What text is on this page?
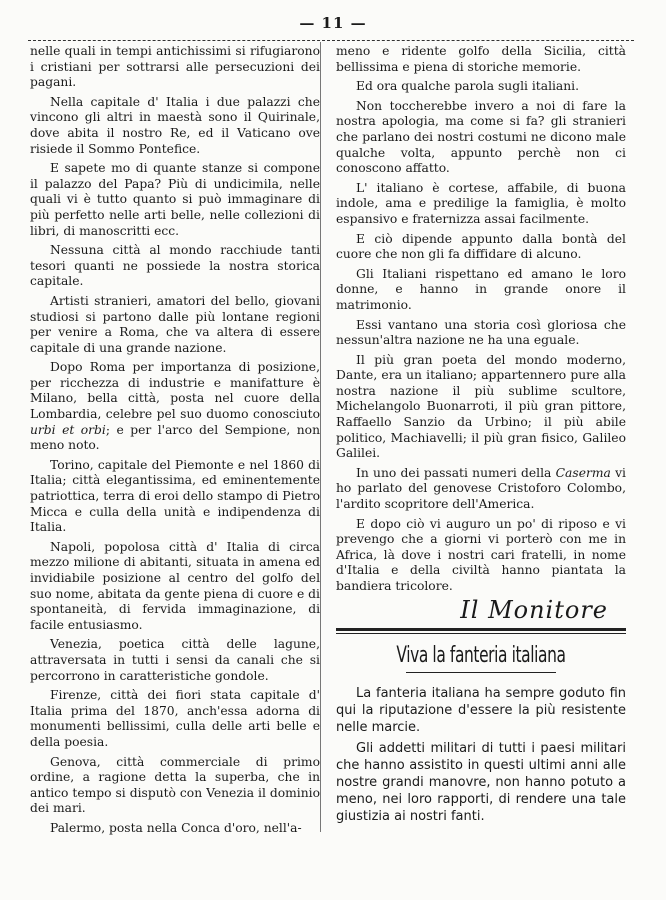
— 11 —

nelle quali in tempi antichissimi si rifugiarono i cristiani per sottrarsi alle persecuzioni dei pagani.

Nella capitale d' Italia i due palazzi che vincono gli altri in maestà sono il Quirinale, dove abita il nostro Re, ed il Vaticano ove risiede il Sommo Pontefice.

E sapete mo di quante stanze si compone il palazzo del Papa? Più di undicimila, nelle quali vi è tutto quanto si può immaginare di più perfetto nelle arti belle, nelle collezioni di libri, di manoscritti ecc.

Nessuna città al mondo racchiude tanti tesori quanti ne possiede la nostra storica capitale.

Artisti stranieri, amatori del bello, giovani studiosi si partono dalle più lontane regioni per venire a Roma, che va altera di essere capitale di una grande nazione.

Dopo Roma per importanza di posizione, per ricchezza di industrie e manifatture è Milano, bella città, posta nel cuore della Lombardia, celebre pel suo duomo conosciuto urbi et orbi; e per l'arco del Sempione, non meno noto.

Torino, capitale del Piemonte e nel 1860 di Italia; città elegantissima, ed eminentemente patriottica, terra di eroi dello stampo di Pietro Micca e culla della unità e indipendenza di Italia.

Napoli, popolosa città d' Italia di circa mezzo milione di abitanti, situata in amena ed invidiabile posizione al centro del golfo del suo nome, abitata da gente piena di cuore e di spontaneità, di fervida immaginazione, di facile entusiasmo.

Venezia, poetica città delle lagune, attraversata in tutti i sensi da canali che si percorrono in caratteristiche gondole.

Firenze, città dei fiori stata capitale d' Italia prima del 1870, anch'essa adorna di monumenti bellissimi, culla delle arti belle e della poesia.

Genova, città commerciale di primo ordine, a ragione detta la superba, che in antico tempo si disputò con Venezia il dominio dei mari.

Palermo, posta nella Conca d'oro, nell'a-

meno e ridente golfo della Sicilia, città bellissima e piena di storiche memorie.

Ed ora qualche parola sugli italiani.

Non toccherebbe invero a noi di fare la nostra apologia, ma come si fa? gli stranieri che parlano dei nostri costumi ne dicono male qualche volta, appunto perchè non ci conoscono affatto.

L' italiano è cortese, affabile, di buona indole, ama e predilige la famiglia, è molto espansivo e fraternizza assai facilmente.

E ciò dipende appunto dalla bontà del cuore che non gli fa diffidare di alcuno.

Gli Italiani rispettano ed amano le loro donne, e hanno in grande onore il matrimonio.

Essi vantano una storia così gloriosa che nessun'altra nazione ne ha una eguale.

Il più gran poeta del mondo moderno, Dante, era un italiano; appartennero pure alla nostra nazione il più sublime scultore, Michelangolo Buonarroti, il più gran pittore, Raffaello Sanzio da Urbino; il più abile politico, Machiavelli; il più gran fisico, Galileo Galilei.

In uno dei passati numeri della Caserma vi ho parlato del genovese Cristoforo Colombo, l'ardito scopritore dell'America.

E dopo ciò vi auguro un po' di riposo e vi prevengo che a giorni vi porterò con me in Africa, là dove i nostri cari fratelli, in nome d'Italia e della civiltà hanno piantata la bandiera tricolore.

Il Monitore
Viva la fanteria italiana

La fanteria italiana ha sempre goduto fin qui la riputazione d'essere la più resistente nelle marcie.

Gli addetti militari di tutti i paesi militari che hanno assistito in questi ultimi anni alle nostre grandi manovre, non hanno potuto a meno, nei loro rapporti, di rendere una tale giustizia ai nostri fanti.
